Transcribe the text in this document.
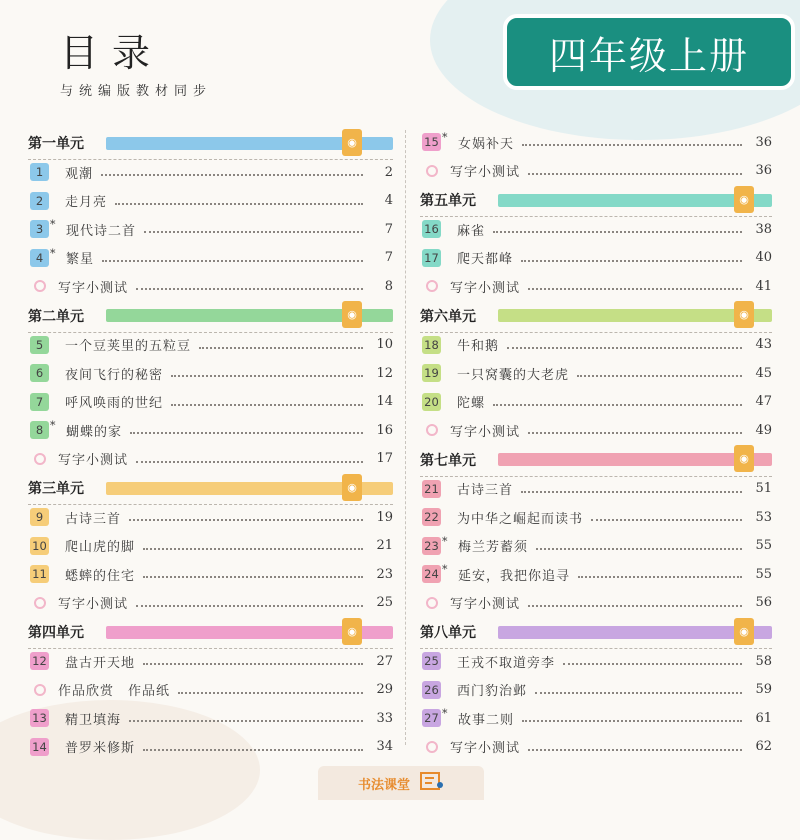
目录
与统编版教材同步
四年级上册
第一单元	◉
1	观潮	2
2	走月亮	4
3 * 现代诗二首	7
4 * 繁星	7
写字小测试	8
第二单元	◉
5	一个豆荚里的五粒豆	10
6	夜间飞行的秘密	12
7	呼风唤雨的世纪	14
8 * 蝴蝶的家	16
写字小测试	17
第三单元	◉
9	古诗三首	19
10 爬山虎的脚	21
11 蟋蟀的住宅	23
写字小测试	25
第四单元	◉
12 盘古开天地	27
作品欣赏　作品纸	29
13 精卫填海	33
14 普罗米修斯	34
15 * 女娲补天	36
写字小测试	36
第五单元	◉
16 麻雀	38
17 爬天都峰	40
写字小测试	41
第六单元	◉
18 牛和鹅	43
19 一只窝囊的大老虎	45
20 陀螺	47
写字小测试	49
第七单元	◉
21 古诗三首	51
22 为中华之崛起而读书	53
23 * 梅兰芳蓄须	55
24 * 延安，我把你追寻	55
写字小测试	56
第八单元	◉
25 王戎不取道旁李	58
26 西门豹治邺	59
27 * 故事二则	61
写字小测试	62
书法课堂
